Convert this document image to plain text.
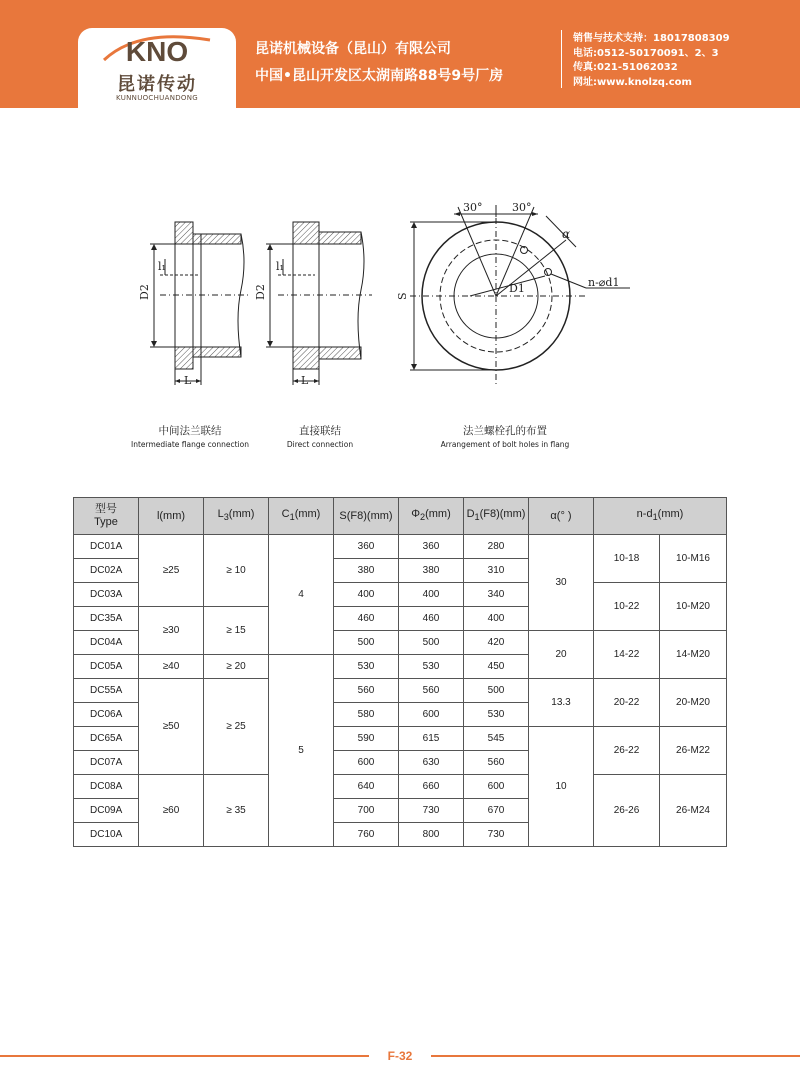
KNO
昆诺传动
KUNNUOCHUANDONG
昆诺机械设备（昆山）有限公司
中国•昆山开发区太湖南路88号9号厂房
销售与技术支持：18017808309
电话:0512-50170091、2、3
传真:021-51062032
网址:www.knolzq.com
l₁
D2
L
l₁
D2
L
30°	30°
α
n-⌀d1
D1
S
中间法兰联结
Intermediate flange connection
直接联结
Direct connection
法兰螺栓孔的布置
Arrangement of bolt holes in flang
型号
Type	l(mm)	$L_3(mm)$	$C_1(mm)$	S(F8)(mm)	$\Phi_2(mm)$	$D_1(F8)(mm)$	α(° )	$n-d_1(mm)$	
DC01A	≥25	≥ 10	4	360	360	280	30	10-18	10-M16
DC02A				380	380	310			
DC03A				400	400	340		10-22	10-M20
DC35A	≥30	≥ 15		460	460	400			
DC04A				500	500	420	20	14-22	14-M20
DC05A	≥40	≥ 20	5	530	530	450			
DC55A	≥50	≥ 25		560	560	500	13.3	20-22	20-M20
DC06A				580	600	530			
DC65A				590	615	545	10	26-22	26-M22
DC07A				600	630	560			
DC08A	≥60	≥ 35		640	660	600		26-26	26-M24
DC09A				700	730	670			
DC10A				760	800	730			
F-32
